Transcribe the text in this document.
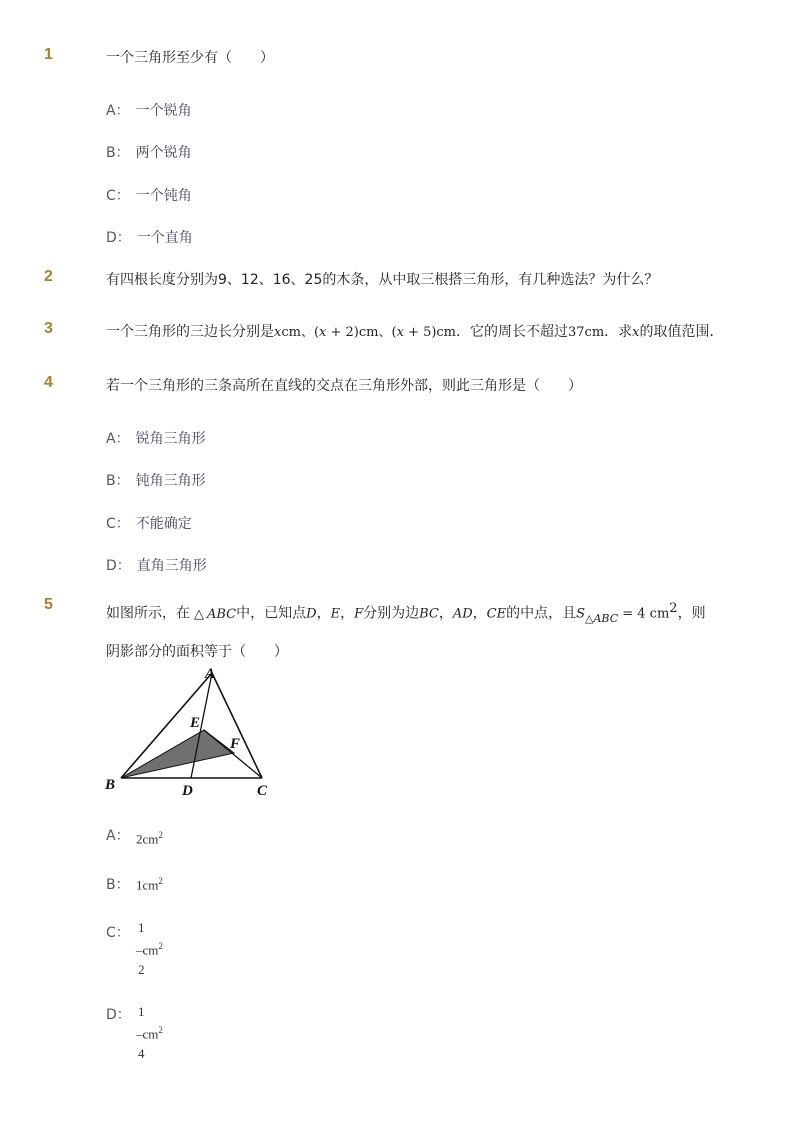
1	一个三角形至少有（　　）
A： 一个锐角
B： 两个锐角
C： 一个钝角
D： 一个直角
2	有四根长度分别为9、12、16、25的木条，从中取三根搭三角形，有几种选法？为什么？
3	一个三角形的三边长分别是xcm、(x + 2)cm、(x + 5)cm．它的周长不超过37cm．求x的取值范围．
4	若一个三角形的三条高所在直线的交点在三角形外部，则此三角形是（　　）
A： 锐角三角形
B： 钝角三角形
C： 不能确定
D： 直角三角形
5
如图所示，在 △ ABC中，已知点D，E，F分别为边BC，AD，CE的中点，且$S_{\triangle ABC} = 4$ $cm^2$，则
阴影部分的面积等于（　　）
A
B	C
D
E
F
A： $2cm^2$
B： $1cm^2$
C： 1
$-cm^2$
2
D： 1
$-cm^2$
4
